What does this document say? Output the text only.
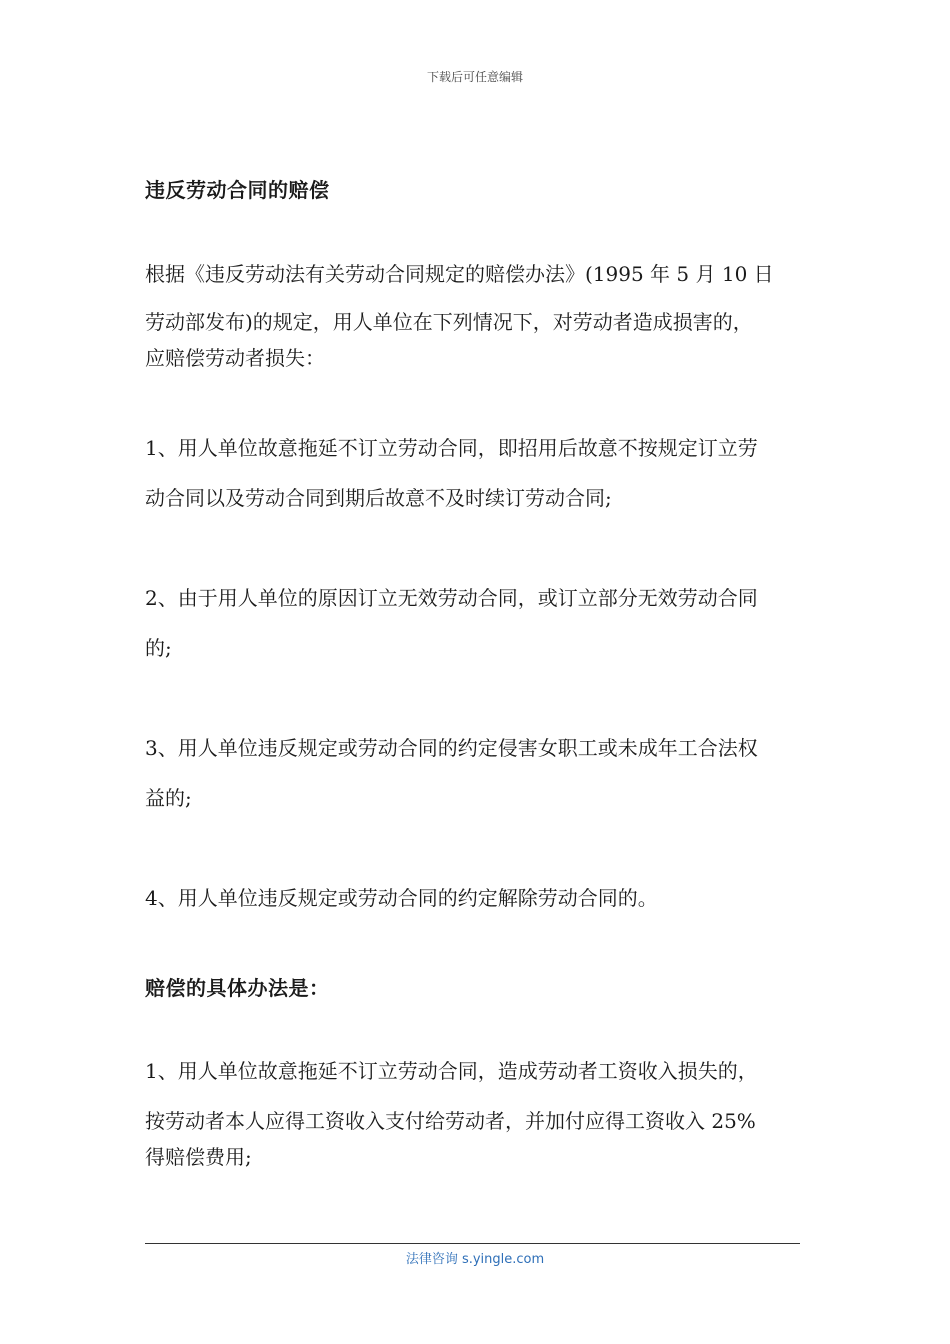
下载后可任意编辑
违反劳动合同的赔偿
根据《违反劳动法有关劳动合同规定的赔偿办法》(1995 年 5 月 10 日
劳动部发布)的规定，用人单位在下列情况下，对劳动者造成损害的，
应赔偿劳动者损失：
1、用人单位故意拖延不订立劳动合同，即招用后故意不按规定订立劳
动合同以及劳动合同到期后故意不及时续订劳动合同;
2、由于用人单位的原因订立无效劳动合同，或订立部分无效劳动合同
的;
3、用人单位违反规定或劳动合同的约定侵害女职工或未成年工合法权
益的;
4、用人单位违反规定或劳动合同的约定解除劳动合同的。
赔偿的具体办法是：
1、用人单位故意拖延不订立劳动合同，造成劳动者工资收入损失的，
按劳动者本人应得工资收入支付给劳动者，并加付应得工资收入 25%
得赔偿费用;
法律咨询 s.yingle.com
